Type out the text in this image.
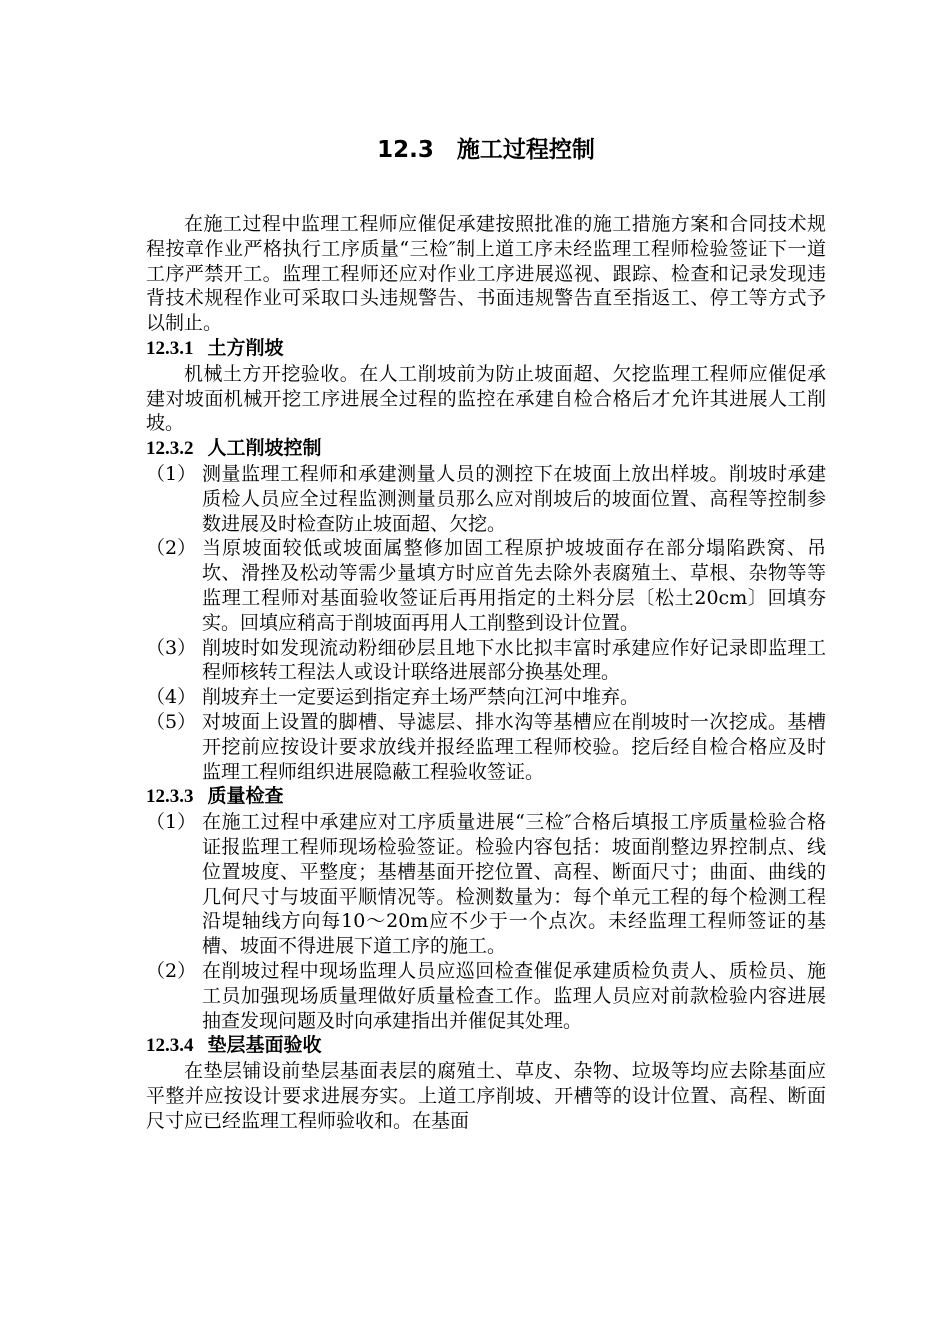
12.3　施工过程控制

在施工过程中监理工程师应催促承建按照批准的施工措施方案和合同技术规程按章作业严格执行工序质量“三检″制上道工序未经监理工程师检验签证下一道工序严禁开工。监理工程师还应对作业工序进展巡视、跟踪、检查和记录发现违背技术规程作业可采取口头违规警告、书面违规警告直至指返工、停工等方式予以制止。

12.3.1 土方削坡

机械土方开挖验收。在人工削坡前为防止坡面超、欠挖监理工程师应催促承建对坡面机械开挖工序进展全过程的监控在承建自检合格后才允许其进展人工削坡。

12.3.2 人工削坡控制
（1） 测量监理工程师和承建测量人员的测控下在坡面上放出样坡。削坡时承建质检人员应全过程监测测量员那么应对削坡后的坡面位置、高程等控制参数进展及时检查防止坡面超、欠挖。
（2） 当原坡面较低或坡面属整修加固工程原护坡坡面存在部分塌陷跌窝、吊坎、滑挫及松动等需少量填方时应首先去除外表腐殖土、草根、杂物等等监理工程师对基面验收签证后再用指定的土料分层〔松土20cm〕回填夯实。回填应稍高于削坡面再用人工削整到设计位置。
（3） 削坡时如发现流动粉细砂层且地下水比拟丰富时承建应作好记录即监理工程师核转工程法人或设计联络进展部分换基处理。
（4） 削坡弃土一定要运到指定弃土场严禁向江河中堆弃。
（5） 对坡面上设置的脚槽、导滤层、排水沟等基槽应在削坡时一次挖成。基槽开挖前应按设计要求放线并报经监理工程师校验。挖后经自检合格应及时监理工程师组织进展隐蔽工程验收签证。
12.3.3 质量检查
（1） 在施工过程中承建应对工序质量进展“三检″合格后填报工序质量检验合格证报监理工程师现场检验签证。检验内容包括：坡面削整边界控制点、线位置坡度、平整度；基槽基面开挖位置、高程、断面尺寸；曲面、曲线的几何尺寸与坡面平顺情况等。检测数量为：每个单元工程的每个检测工程沿堤轴线方向每10～20m应不少于一个点次。未经监理工程师签证的基槽、坡面不得进展下道工序的施工。
（2） 在削坡过程中现场监理人员应巡回检查催促承建质检负责人、质检员、施工员加强现场质量理做好质量检查工作。监理人员应对前款检验内容进展抽查发现问题及时向承建指出并催促其处理。
12.3.4 垫层基面验收

在垫层铺设前垫层基面表层的腐殖土、草皮、杂物、垃圾等均应去除基面应平整并应按设计要求进展夯实。上道工序削坡、开槽等的设计位置、高程、断面尺寸应已经监理工程师验收和。在基面
